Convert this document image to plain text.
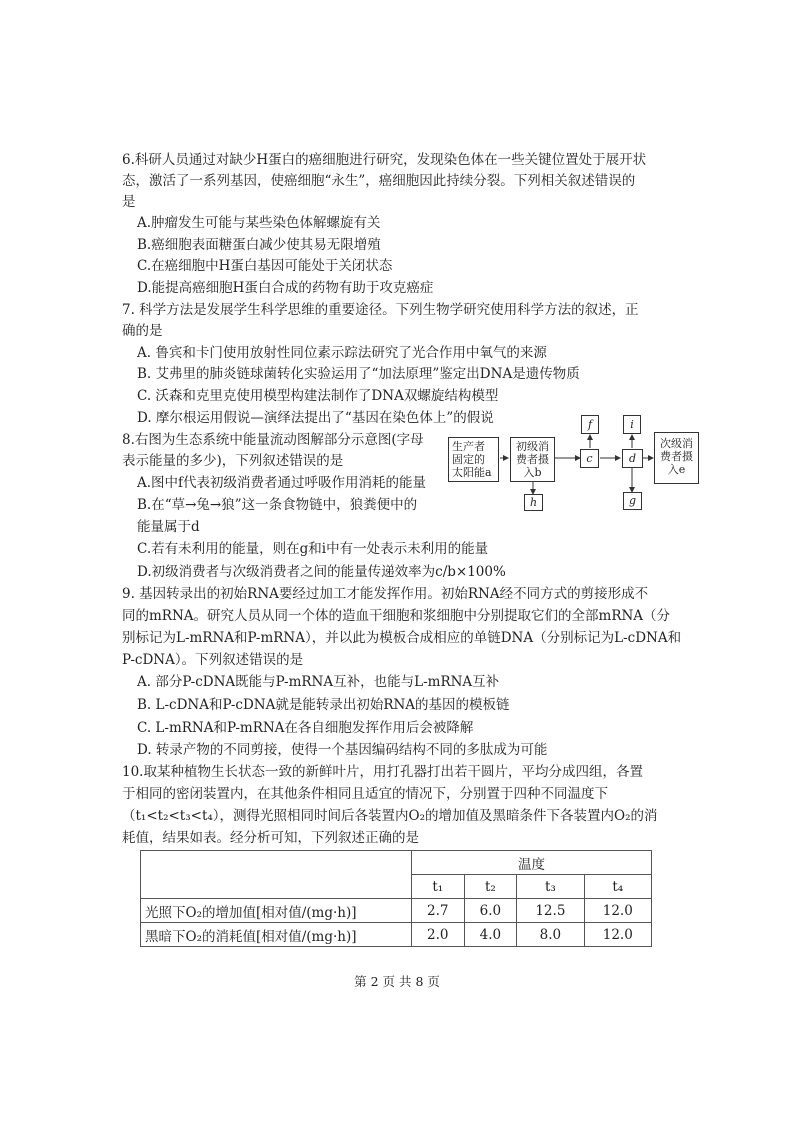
6.科研人员通过对缺少H蛋白的癌细胞进行研究，发现染色体在一些关键位置处于展开状
态，激活了一系列基因，使癌细胞“永生”，癌细胞因此持续分裂。下列相关叙述错误的
是
A.肿瘤发生可能与某些染色体解螺旋有关
B.癌细胞表面糖蛋白减少使其易无限增殖
C.在癌细胞中H蛋白基因可能处于关闭状态
D.能提高癌细胞H蛋白合成的药物有助于攻克癌症
7. 科学方法是发展学生科学思维的重要途径。下列生物学研究使用科学方法的叙述，正
确的是
A. 鲁宾和卡门使用放射性同位素示踪法研究了光合作用中氧气的来源
B. 艾弗里的肺炎链球菌转化实验运用了“加法原理”鉴定出DNA是遗传物质
C. 沃森和克里克使用模型构建法制作了DNA双螺旋结构模型
D. 摩尔根运用假说—演绎法提出了“基因在染色体上”的假说
8.右图为生态系统中能量流动图解部分示意图(字母
表示能量的多少)，下列叙述错误的是
A.图中f代表初级消费者通过呼吸作用消耗的能量
B.在“草→兔→狼”这一条食物链中，狼粪便中的
能量属于d
C.若有未利用的能量，则在g和i中有一处表示未利用的能量
D.初级消费者与次级消费者之间的能量传递效率为c/b×100%
生产者
固定的
太阳能a
初级消
费者摄
入b
c	d
次级消
费者摄
入e
f	i
h	g
9. 基因转录出的初始RNA要经过加工才能发挥作用。初始RNA经不同方式的剪接形成不
同的mRNA。研究人员从同一个体的造血干细胞和浆细胞中分别提取它们的全部mRNA（分
别标记为L-mRNA和P-mRNA），并以此为模板合成相应的单链DNA（分别标记为L-cDNA和
P-cDNA）。下列叙述错误的是
A. 部分P-cDNA既能与P-mRNA互补，也能与L-mRNA互补
B. L-cDNA和P-cDNA就是能转录出初始RNA的基因的模板链
C. L-mRNA和P-mRNA在各自细胞发挥作用后会被降解
D. 转录产物的不同剪接，使得一个基因编码结构不同的多肽成为可能
10.取某种植物生长状态一致的新鲜叶片，用打孔器打出若干圆片，平均分成四组，各置
于相同的密闭装置内，在其他条件相同且适宜的情况下，分别置于四种不同温度下
（t₁<t₂<t₃<t₄），测得光照相同时间后各装置内O₂的增加值及黑暗条件下各装置内O₂的消
耗值，结果如表。经分析可知，下列叙述正确的是
	温度			
	t₁	t₂	t₃	t₄
光照下O₂的增加值[相对值/(mg·h)]	2.7	6.0	12.5	12.0
黑暗下O₂的消耗值[相对值/(mg·h)]	2.0	4.0	8.0	12.0
第 2 页 共 8 页
